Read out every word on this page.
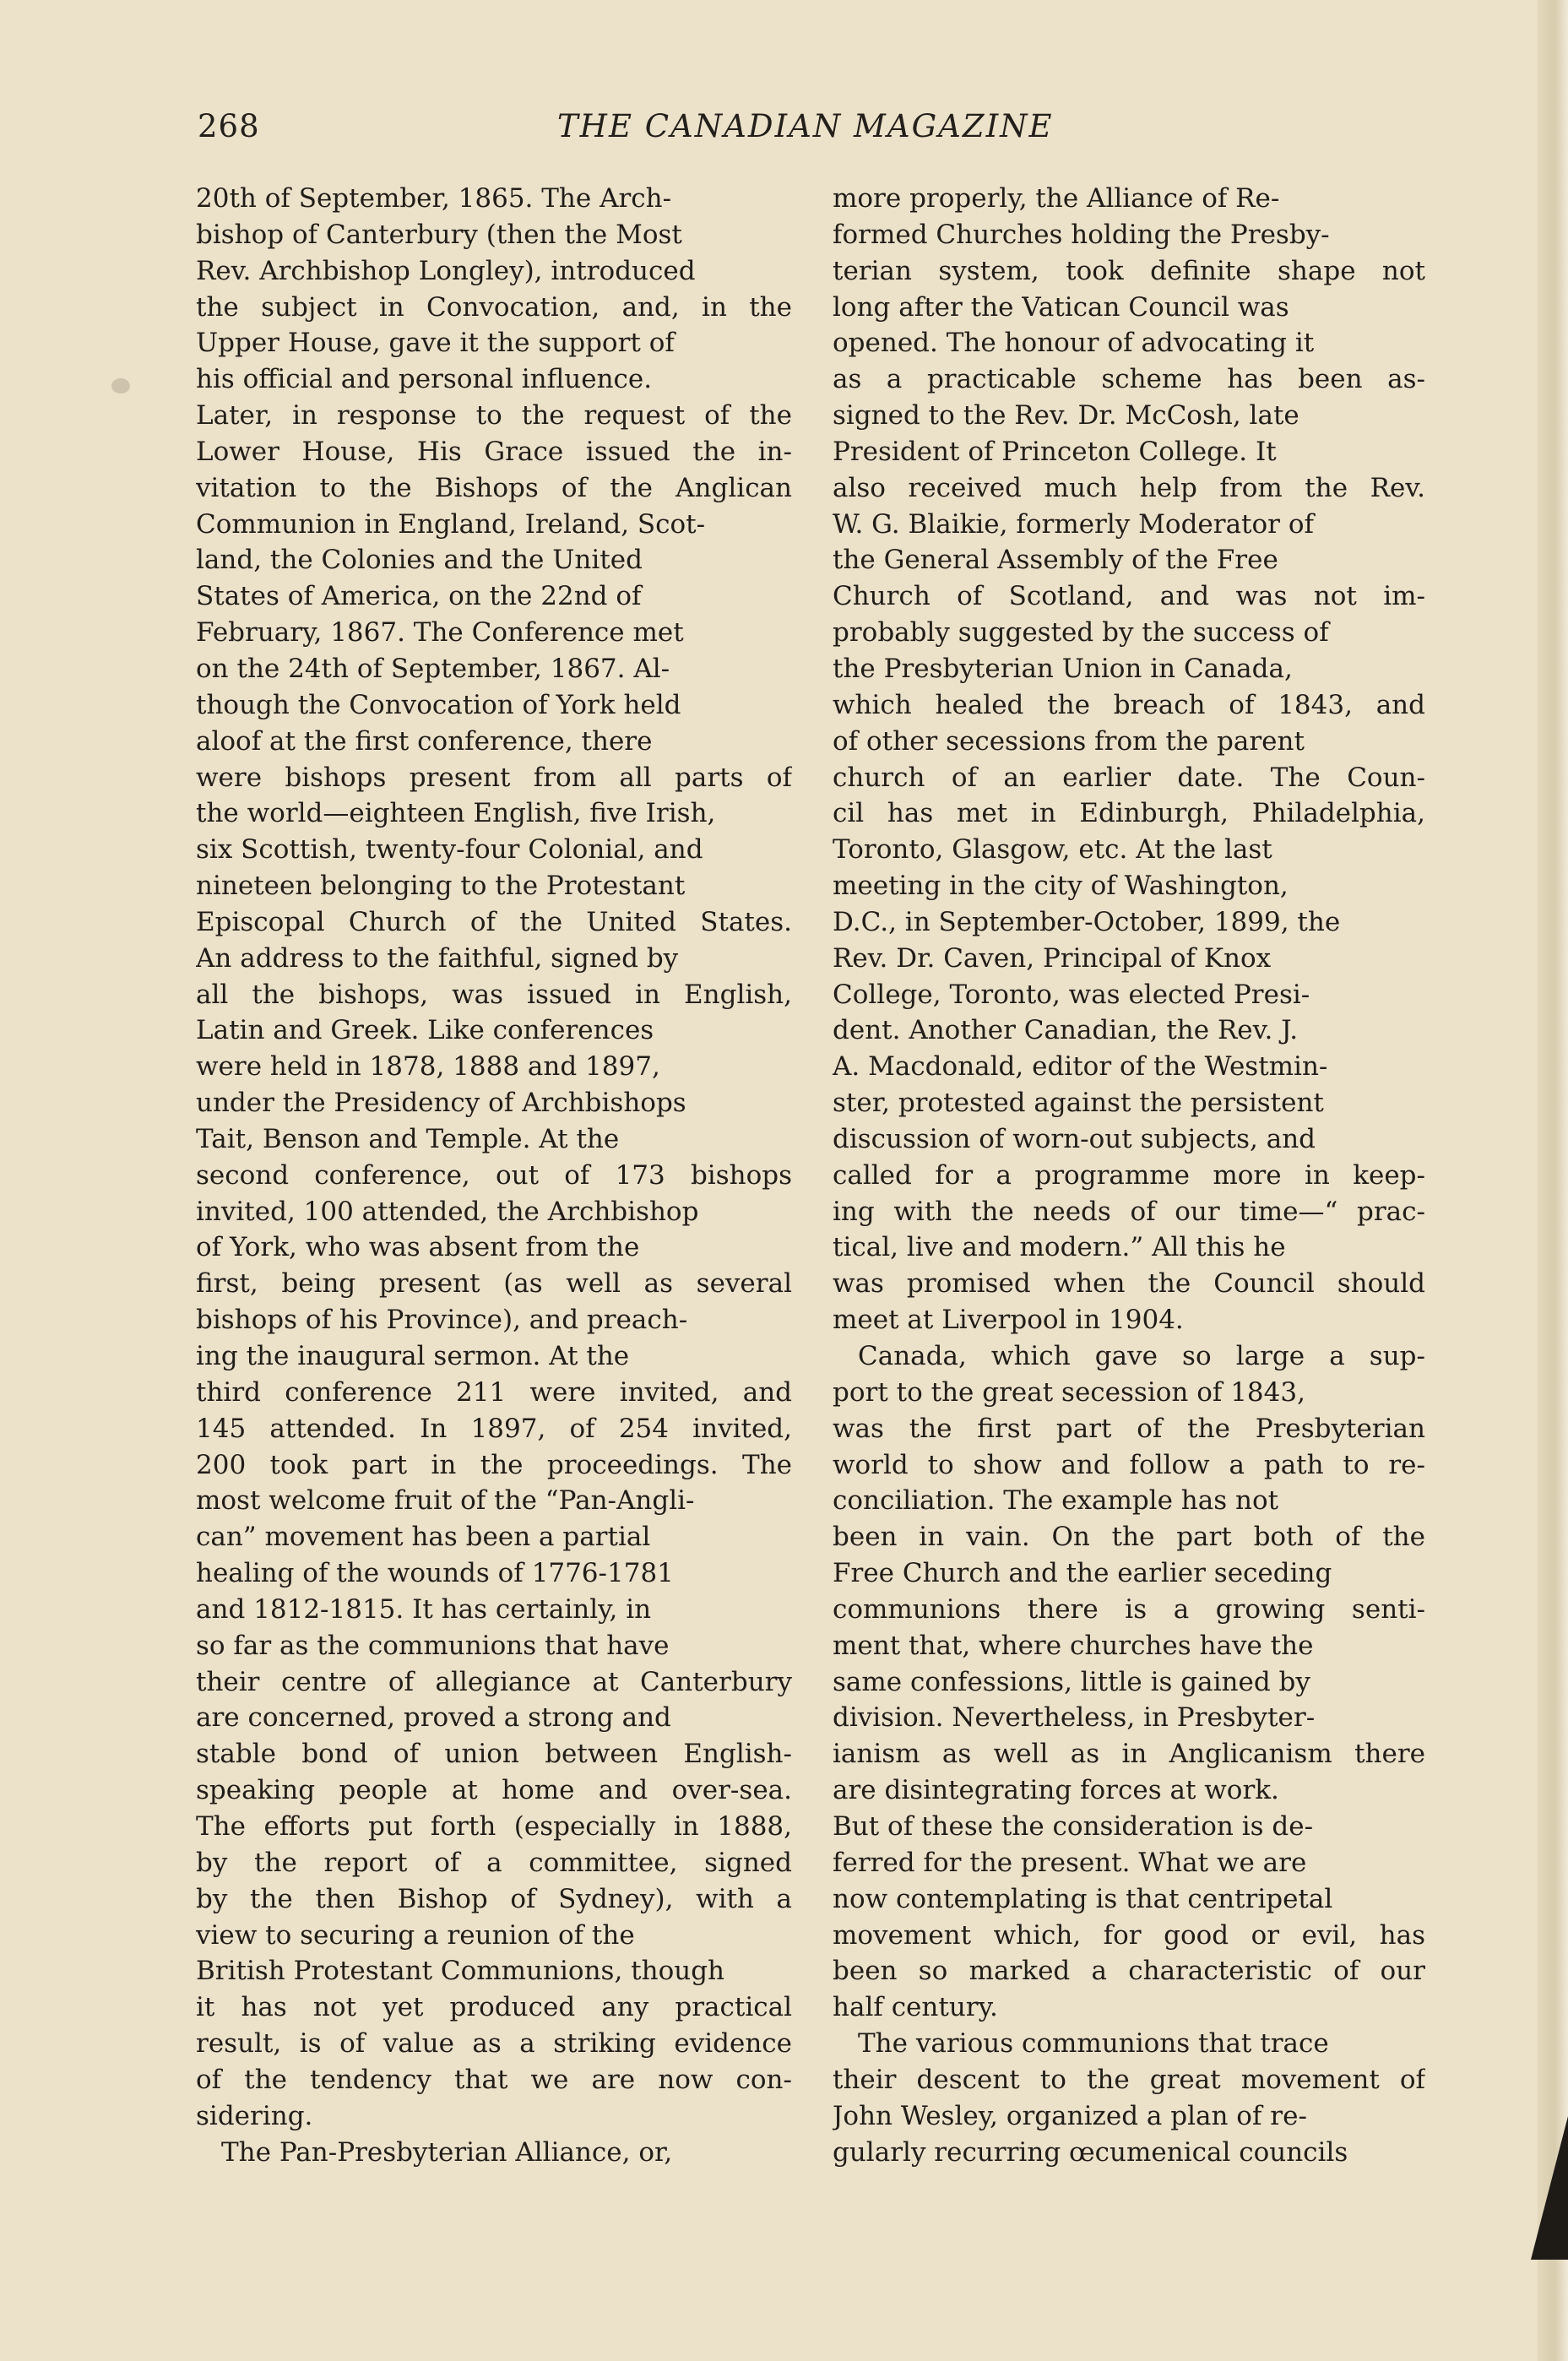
268	THE CANADIAN MAGAZINE
20th of September, 1865. The Arch-
bishop of Canterbury (then the Most
Rev. Archbishop Longley), introduced
the subject in Convocation, and, in the
Upper House, gave it the support of
his official and personal influence.
Later, in response to the request of the
Lower House, His Grace issued the in-
vitation to the Bishops of the Anglican
Communion in England, Ireland, Scot-
land, the Colonies and the United
States of America, on the 22nd of
February, 1867. The Conference met
on the 24th of September, 1867. Al-
though the Convocation of York held
aloof at the first conference, there
were bishops present from all parts of
the world—eighteen English, five Irish,
six Scottish, twenty-four Colonial, and
nineteen belonging to the Protestant
Episcopal Church of the United States.
An address to the faithful, signed by
all the bishops, was issued in English,
Latin and Greek. Like conferences
were held in 1878, 1888 and 1897,
under the Presidency of Archbishops
Tait, Benson and Temple. At the
second conference, out of 173 bishops
invited, 100 attended, the Archbishop
of York, who was absent from the
first, being present (as well as several
bishops of his Province), and preach-
ing the inaugural sermon. At the
third conference 211 were invited, and
145 attended. In 1897, of 254 invited,
200 took part in the proceedings. The
most welcome fruit of the “Pan-Angli-
can” movement has been a partial
healing of the wounds of 1776-1781
and 1812-1815. It has certainly, in
so far as the communions that have
their centre of allegiance at Canterbury
are concerned, proved a strong and
stable bond of union between English-
speaking people at home and over-sea.
The efforts put forth (especially in 1888,
by the report of a committee, signed
by the then Bishop of Sydney), with a
view to securing a reunion of the
British Protestant Communions, though
it has not yet produced any practical
result, is of value as a striking evidence
of the tendency that we are now con-
sidering.
The Pan-Presbyterian Alliance, or,
more properly, the Alliance of Re-
formed Churches holding the Presby-
terian system, took definite shape not
long after the Vatican Council was
opened. The honour of advocating it
as a practicable scheme has been as-
signed to the Rev. Dr. McCosh, late
President of Princeton College. It
also received much help from the Rev.
W. G. Blaikie, formerly Moderator of
the General Assembly of the Free
Church of Scotland, and was not im-
probably suggested by the success of
the Presbyterian Union in Canada,
which healed the breach of 1843, and
of other secessions from the parent
church of an earlier date. The Coun-
cil has met in Edinburgh, Philadelphia,
Toronto, Glasgow, etc. At the last
meeting in the city of Washington,
D.C., in September-October, 1899, the
Rev. Dr. Caven, Principal of Knox
College, Toronto, was elected Presi-
dent. Another Canadian, the Rev. J.
A. Macdonald, editor of the Westmin-
ster, protested against the persistent
discussion of worn-out subjects, and
called for a programme more in keep-
ing with the needs of our time—“ prac-
tical, live and modern.” All this he
was promised when the Council should
meet at Liverpool in 1904.
Canada, which gave so large a sup-
port to the great secession of 1843,
was the first part of the Presbyterian
world to show and follow a path to re-
conciliation. The example has not
been in vain. On the part both of the
Free Church and the earlier seceding
communions there is a growing senti-
ment that, where churches have the
same confessions, little is gained by
division. Nevertheless, in Presbyter-
ianism as well as in Anglicanism there
are disintegrating forces at work.
But of these the consideration is de-
ferred for the present. What we are
now contemplating is that centripetal
movement which, for good or evil, has
been so marked a characteristic of our
half century.
The various communions that trace
their descent to the great movement of
John Wesley, organized a plan of re-
gularly recurring œcumenical councils
